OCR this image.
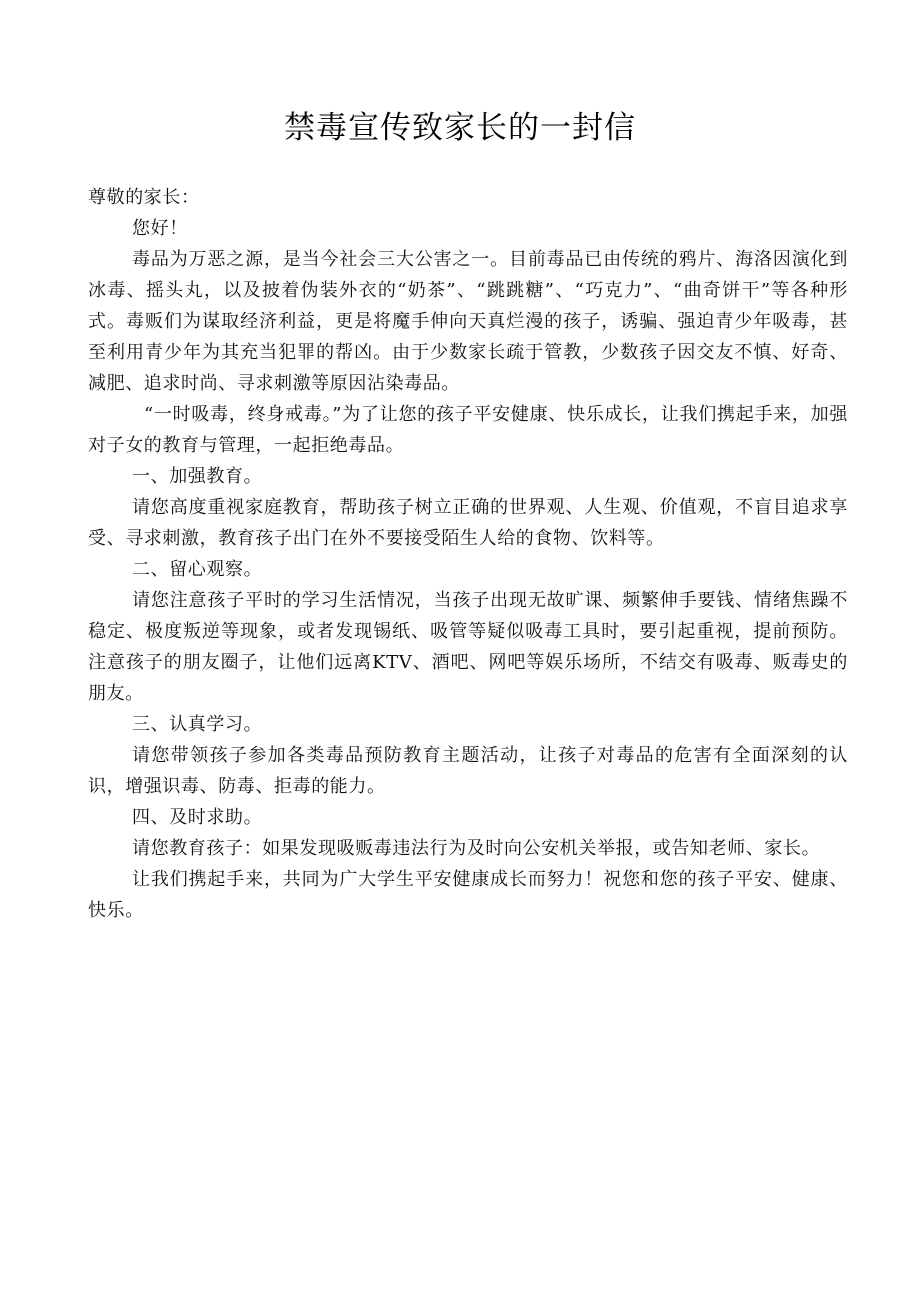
禁毒宣传致家长的一封信

尊敬的家长：

您好！

毒品为万恶之源，是当今社会三大公害之一。目前毒品已由传统的鸦片、海洛因演化到冰毒、摇头丸，以及披着伪装外衣的“奶茶”、“跳跳糖”、“巧克力”、“曲奇饼干”等各种形式。毒贩们为谋取经济利益，更是将魔手伸向天真烂漫的孩子，诱骗、强迫青少年吸毒，甚至利用青少年为其充当犯罪的帮凶。由于少数家长疏于管教，少数孩子因交友不慎、好奇、减肥、追求时尚、寻求刺激等原因沾染毒品。

“一时吸毒，终身戒毒。”为了让您的孩子平安健康、快乐成长，让我们携起手来，加强对子女的教育与管理，一起拒绝毒品。

一、加强教育。

请您高度重视家庭教育，帮助孩子树立正确的世界观、人生观、价值观，不盲目追求享受、寻求刺激，教育孩子出门在外不要接受陌生人给的食物、饮料等。

二、留心观察。

请您注意孩子平时的学习生活情况，当孩子出现无故旷课、频繁伸手要钱、情绪焦躁不稳定、极度叛逆等现象，或者发现锡纸、吸管等疑似吸毒工具时，要引起重视，提前预防。注意孩子的朋友圈子，让他们远离KTV、酒吧、网吧等娱乐场所，不结交有吸毒、贩毒史的朋友。

三、认真学习。

请您带领孩子参加各类毒品预防教育主题活动，让孩子对毒品的危害有全面深刻的认识，增强识毒、防毒、拒毒的能力。

四、及时求助。

请您教育孩子：如果发现吸贩毒违法行为及时向公安机关举报，或告知老师、家长。

让我们携起手来，共同为广大学生平安健康成长而努力！祝您和您的孩子平安、健康、快乐。
